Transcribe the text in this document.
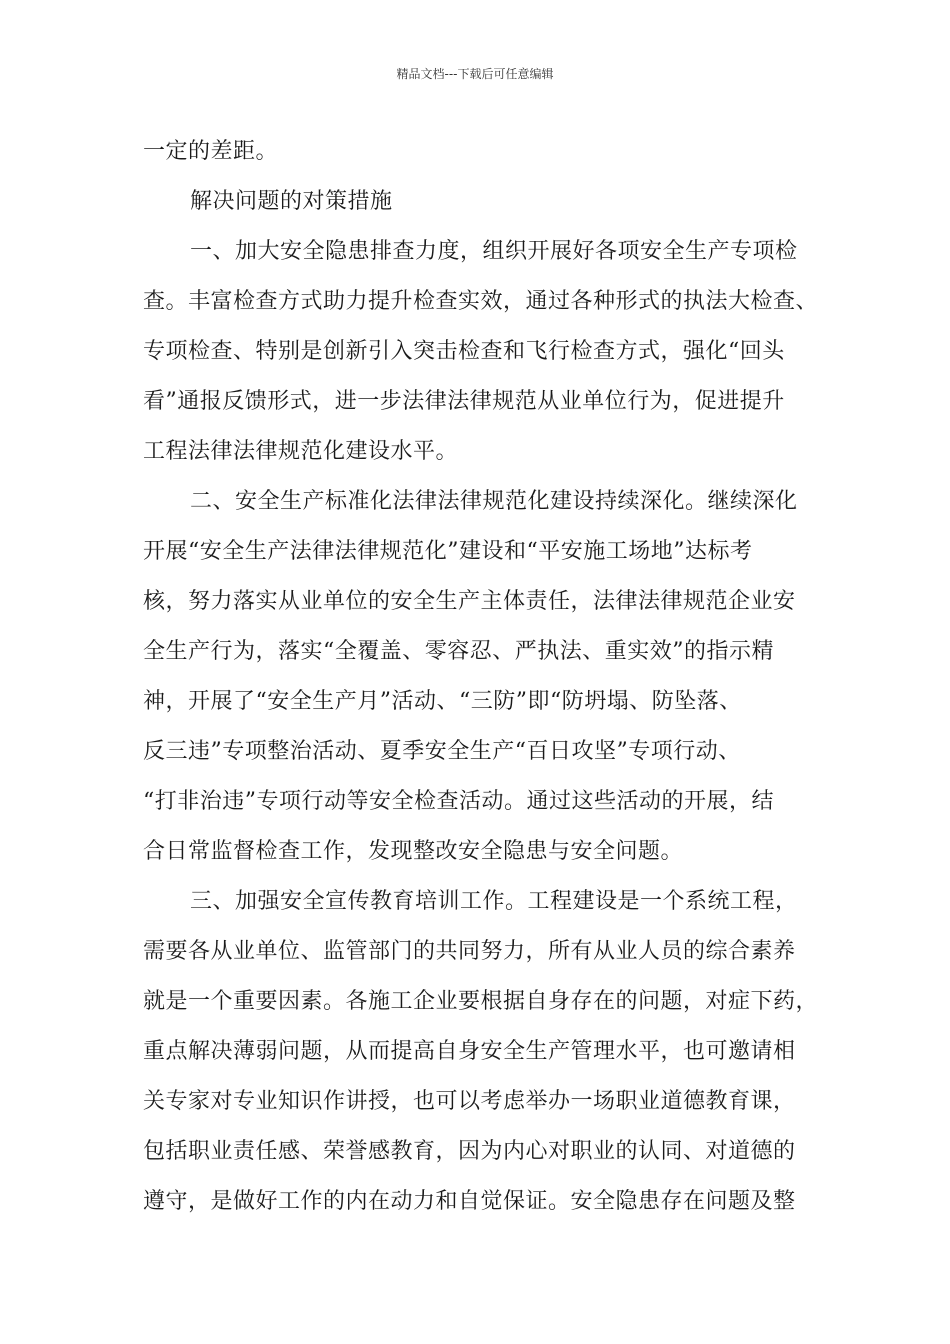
精品文档---下载后可任意编辑
一定的差距。
解决问题的对策措施
一、加大安全隐患排查力度，组织开展好各项安全生产专项检
查。丰富检查方式助力提升检查实效，通过各种形式的执法大检查、
专项检查、特别是创新引入突击检查和飞行检查方式，强化“回头
看”通报反馈形式，进一步法律法律规范从业单位行为，促进提升
工程法律法律规范化建设水平。
二、安全生产标准化法律法律规范化建设持续深化。继续深化
开展“安全生产法律法律规范化”建设和“平安施工场地”达标考
核，努力落实从业单位的安全生产主体责任，法律法律规范企业安
全生产行为，落实“全覆盖、零容忍、严执法、重实效”的指示精
神，开展了“安全生产月”活动、“三防”即“防坍塌、防坠落、
反三违”专项整治活动、夏季安全生产“百日攻坚”专项行动、
“打非治违”专项行动等安全检查活动。通过这些活动的开展，结
合日常监督检查工作，发现整改安全隐患与安全问题。
三、加强安全宣传教育培训工作。工程建设是一个系统工程，
需要各从业单位、监管部门的共同努力，所有从业人员的综合素养
就是一个重要因素。各施工企业要根据自身存在的问题，对症下药，
重点解决薄弱问题，从而提高自身安全生产管理水平，也可邀请相
关专家对专业知识作讲授，也可以考虑举办一场职业道德教育课，
包括职业责任感、荣誉感教育，因为内心对职业的认同、对道德的
遵守，是做好工作的内在动力和自觉保证。安全隐患存在问题及整
